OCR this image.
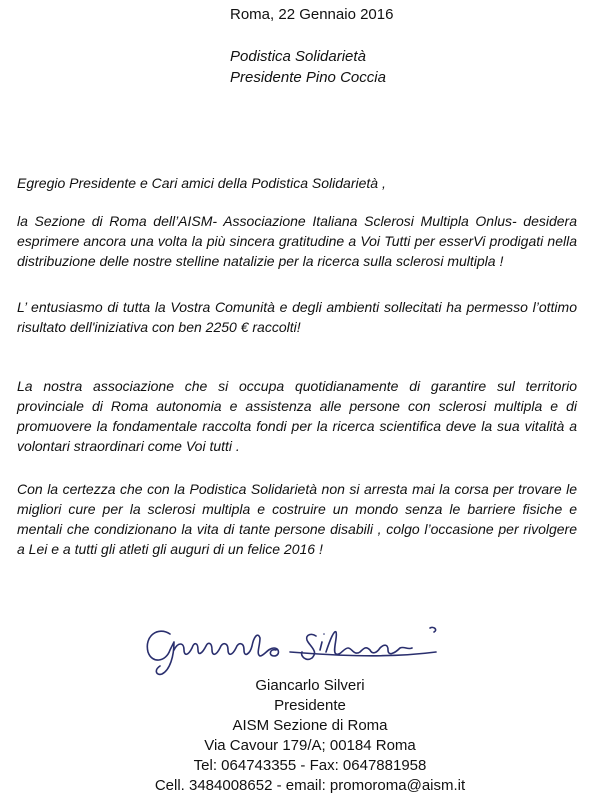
Roma, 22 Gennaio 2016
Podistica Solidarietà
Presidente Pino Coccia
Egregio Presidente e Cari amici della Podistica Solidarietà ,
la Sezione di Roma dell’AISM- Associazione Italiana Sclerosi Multipla Onlus- desidera esprimere ancora una volta la più sincera gratitudine a Voi Tutti per esserVi prodigati nella distribuzione delle nostre stelline natalizie per la ricerca sulla sclerosi multipla !
L’ entusiasmo di tutta la Vostra Comunità e degli ambienti sollecitati ha permesso l’ottimo risultato dell'iniziativa con ben 2250 € raccolti!
La nostra associazione che si occupa quotidianamente di garantire sul territorio provinciale di Roma autonomia e assistenza alle persone con sclerosi multipla e di promuovere la fondamentale raccolta fondi per la ricerca scientifica deve la sua vitalità a volontari straordinari come Voi tutti .
Con la certezza che con la Podistica Solidarietà non si arresta mai la corsa per trovare le migliori cure per la sclerosi multipla e costruire un mondo senza le barriere fisiche e mentali che condizionano la vita di tante persone disabili , colgo l’occasione per rivolgere a Lei e a tutti gli atleti gli auguri di un felice 2016 !
Giancarlo Silveri
Presidente
AISM Sezione di Roma
Via Cavour 179/A; 00184 Roma
Tel: 064743355 - Fax: 0647881958
Cell. 3484008652 - email: promoroma@aism.it
